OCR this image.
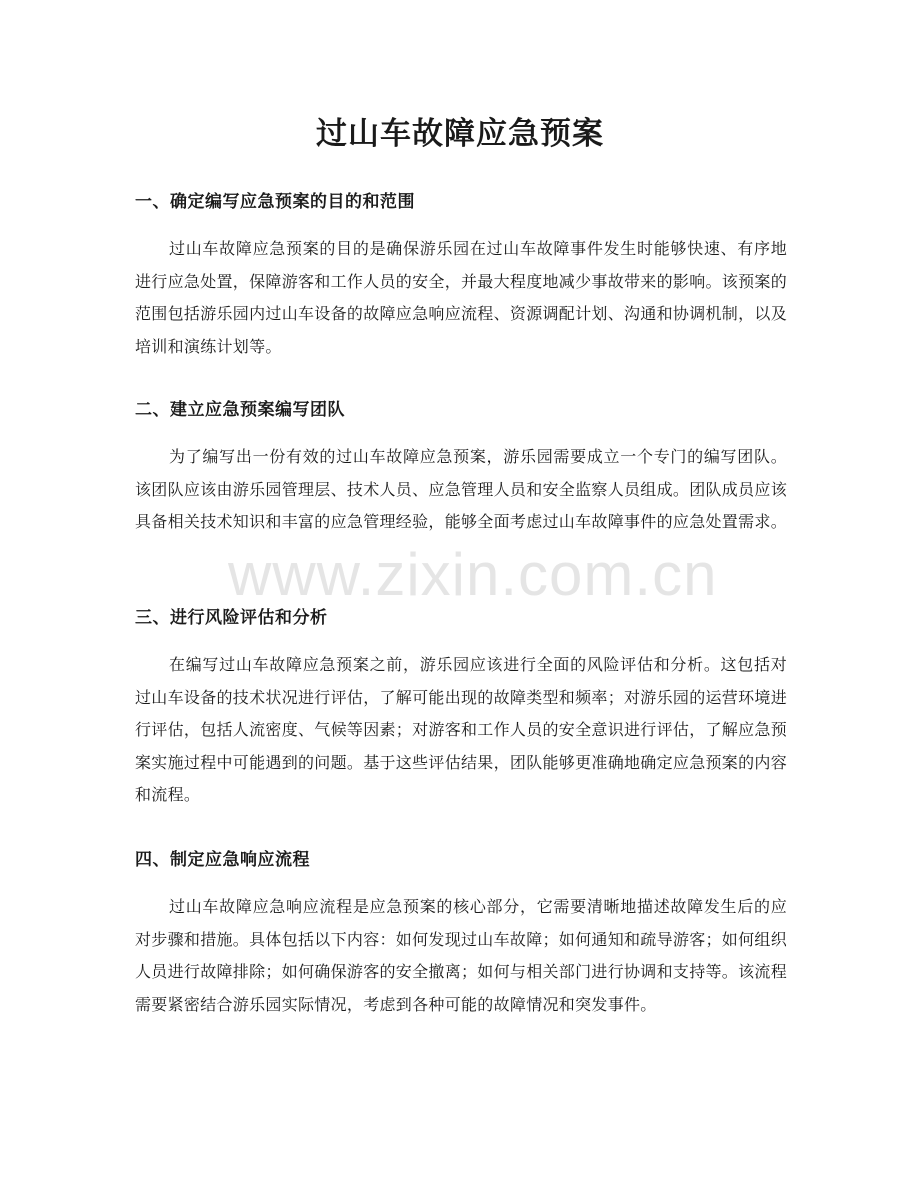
过山车故障应急预案
一、确定编写应急预案的目的和范围

过山车故障应急预案的目的是确保游乐园在过山车故障事件发生时能够快速、有序地进行应急处置，保障游客和工作人员的安全，并最大程度地减少事故带来的影响。该预案的范围包括游乐园内过山车设备的故障应急响应流程、资源调配计划、沟通和协调机制，以及培训和演练计划等。

二、建立应急预案编写团队

为了编写出一份有效的过山车故障应急预案，游乐园需要成立一个专门的编写团队。该团队应该由游乐园管理层、技术人员、应急管理人员和安全监察人员组成。团队成员应该具备相关技术知识和丰富的应急管理经验，能够全面考虑过山车故障事件的应急处置需求。

三、进行风险评估和分析

在编写过山车故障应急预案之前，游乐园应该进行全面的风险评估和分析。这包括对过山车设备的技术状况进行评估，了解可能出现的故障类型和频率；对游乐园的运营环境进行评估，包括人流密度、气候等因素；对游客和工作人员的安全意识进行评估，了解应急预案实施过程中可能遇到的问题。基于这些评估结果，团队能够更准确地确定应急预案的内容和流程。

四、制定应急响应流程

过山车故障应急响应流程是应急预案的核心部分，它需要清晰地描述故障发生后的应对步骤和措施。具体包括以下内容：如何发现过山车故障；如何通知和疏导游客；如何组织人员进行故障排除；如何确保游客的安全撤离；如何与相关部门进行协调和支持等。该流程需要紧密结合游乐园实际情况，考虑到各种可能的故障情况和突发事件。

www.zixin.com.cn
